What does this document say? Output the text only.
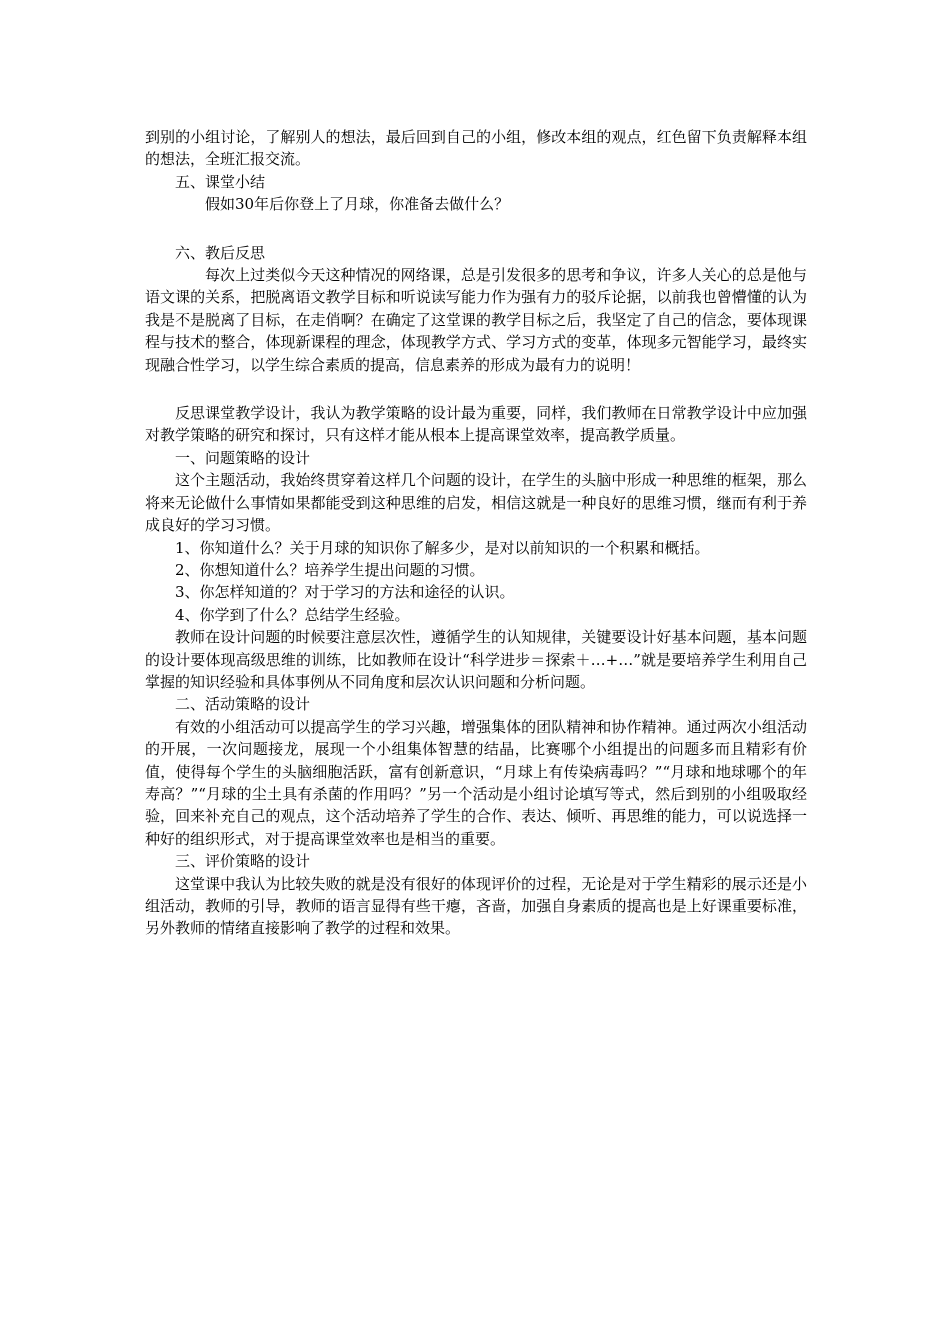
到别的小组讨论，了解别人的想法，最后回到自己的小组，修改本组的观点，红色留下负责解释本组的想法，全班汇报交流。

五、课堂小结

假如30年后你登上了月球，你准备去做什么？

六、教后反思

每次上过类似今天这种情况的网络课，总是引发很多的思考和争议，许多人关心的总是他与语文课的关系，把脱离语文教学目标和听说读写能力作为强有力的驳斥论据，以前我也曾懵懂的认为我是不是脱离了目标，在走俏啊？在确定了这堂课的教学目标之后，我坚定了自己的信念，要体现课程与技术的整合，体现新课程的理念，体现教学方式、学习方式的变革，体现多元智能学习，最终实现融合性学习，以学生综合素质的提高，信息素养的形成为最有力的说明！

反思课堂教学设计，我认为教学策略的设计最为重要，同样，我们教师在日常教学设计中应加强对教学策略的研究和探讨，只有这样才能从根本上提高课堂效率，提高教学质量。

一、问题策略的设计

这个主题活动，我始终贯穿着这样几个问题的设计，在学生的头脑中形成一种思维的框架，那么将来无论做什么事情如果都能受到这种思维的启发，相信这就是一种良好的思维习惯，继而有利于养成良好的学习习惯。

1、你知道什么？关于月球的知识你了解多少，是对以前知识的一个积累和概括。

2、你想知道什么？培养学生提出问题的习惯。

3、你怎样知道的？对于学习的方法和途径的认识。

4、你学到了什么？总结学生经验。

教师在设计问题的时候要注意层次性，遵循学生的认知规律，关键要设计好基本问题，基本问题的设计要体现高级思维的训练，比如教师在设计“科学进步＝探索＋…+…”就是要培养学生利用自己掌握的知识经验和具体事例从不同角度和层次认识问题和分析问题。

二、活动策略的设计

有效的小组活动可以提高学生的学习兴趣，增强集体的团队精神和协作精神。通过两次小组活动的开展，一次问题接龙，展现一个小组集体智慧的结晶，比赛哪个小组提出的问题多而且精彩有价值，使得每个学生的头脑细胞活跃，富有创新意识，“月球上有传染病毒吗？”“月球和地球哪个的年寿高？”“月球的尘土具有杀菌的作用吗？”另一个活动是小组讨论填写等式，然后到别的小组吸取经验，回来补充自己的观点，这个活动培养了学生的合作、表达、倾听、再思维的能力，可以说选择一种好的组织形式，对于提高课堂效率也是相当的重要。

三、评价策略的设计

这堂课中我认为比较失败的就是没有很好的体现评价的过程，无论是对于学生精彩的展示还是小组活动，教师的引导，教师的语言显得有些干瘪，吝啬，加强自身素质的提高也是上好课重要标准，另外教师的情绪直接影响了教学的过程和效果。
